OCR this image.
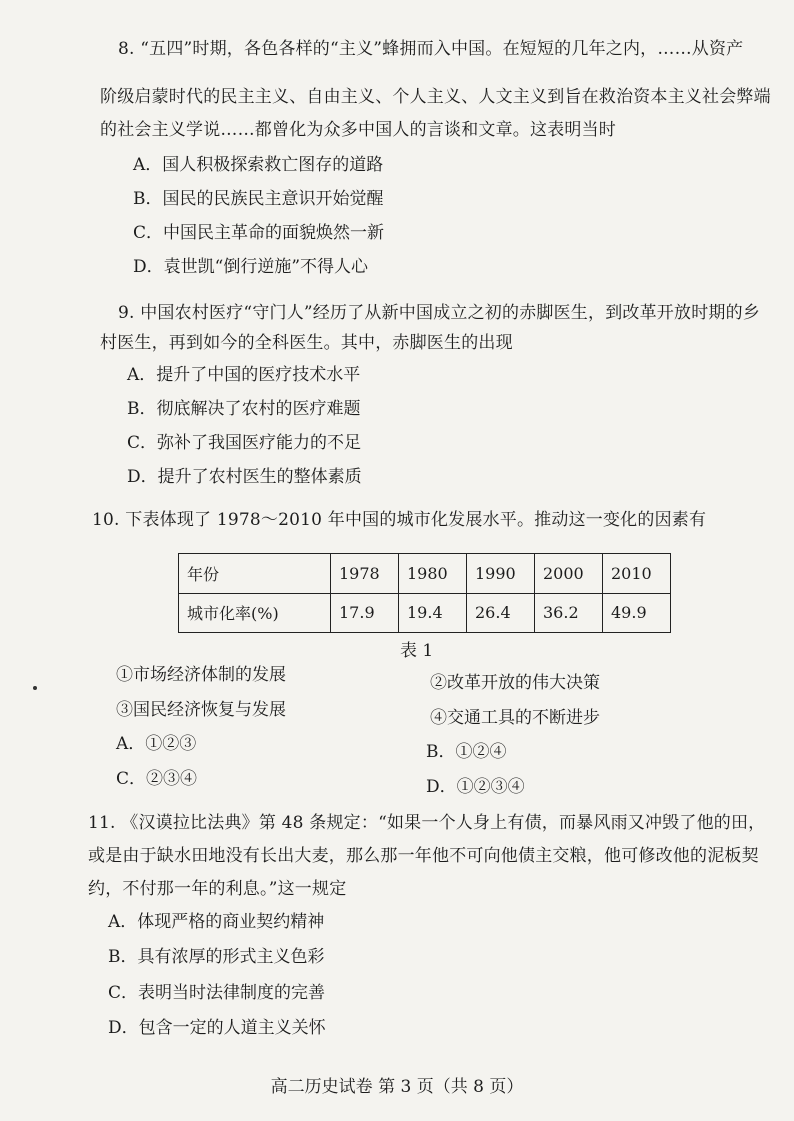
8. “五四”时期，各色各样的“主义”蜂拥而入中国。在短短的几年之内，……从资产
阶级启蒙时代的民主主义、自由主义、个人主义、人文主义到旨在救治资本主义社会弊端
的社会主义学说……都曾化为众多中国人的言谈和文章。这表明当时
A．国人积极探索救亡图存的道路
B．国民的民族民主意识开始觉醒
C．中国民主革命的面貌焕然一新
D．袁世凯“倒行逆施”不得人心
9. 中国农村医疗“守门人”经历了从新中国成立之初的赤脚医生，到改革开放时期的乡
村医生，再到如今的全科医生。其中，赤脚医生的出现
A．提升了中国的医疗技术水平
B．彻底解决了农村的医疗难题
C．弥补了我国医疗能力的不足
D．提升了农村医生的整体素质
10. 下表体现了 1978～2010 年中国的城市化发展水平。推动这一变化的因素有
年份	1978	1980	1990	2000	2010
城市化率(%)	17.9	19.4	26.4	36.2	49.9
表 1
①市场经济体制的发展	②改革开放的伟大决策
③国民经济恢复与发展	④交通工具的不断进步
A．①②③	B．①②④
C．②③④	D．①②③④
11. 《汉谟拉比法典》第 48 条规定：“如果一个人身上有债，而暴风雨又冲毁了他的田，
或是由于缺水田地没有长出大麦，那么那一年他不可向他债主交粮，他可修改他的泥板契
约，不付那一年的利息。”这一规定
A．体现严格的商业契约精神
B．具有浓厚的形式主义色彩
C．表明当时法律制度的完善
D．包含一定的人道主义关怀
高二历史试卷 第 3 页（共 8 页）
